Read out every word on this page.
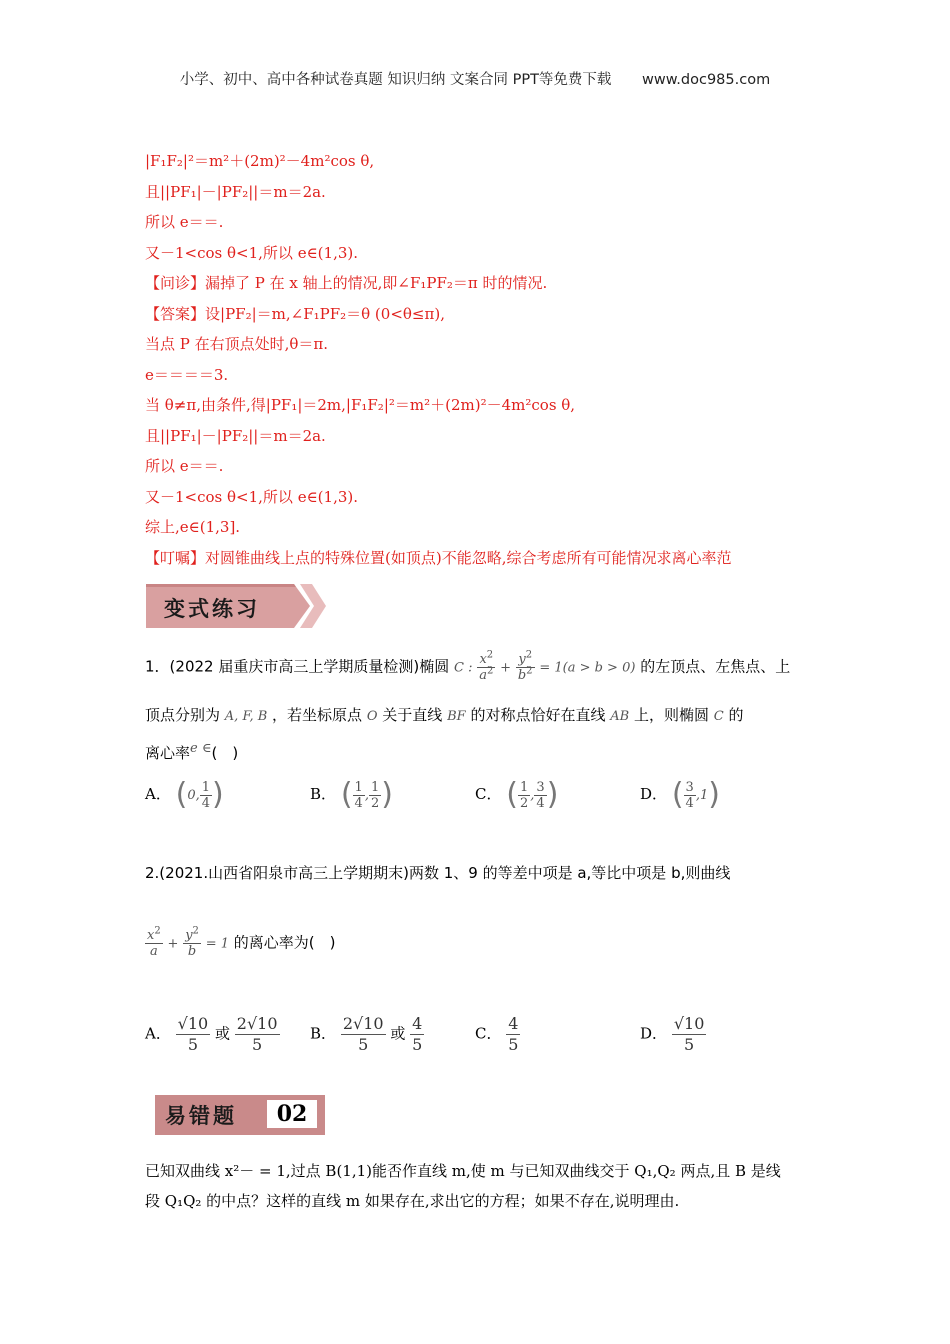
小学、初中、高中各种试卷真题 知识归纳 文案合同 PPT等免费下载 www.doc985.com
|F₁F₂|²＝m²＋(2m)²－4m²cos θ,
且||PF₁|－|PF₂||＝m＝2a.
所以 e＝＝.
又－1<cos θ<1,所以 e∈(1,3).
【问诊】漏掉了 P 在 x 轴上的情况,即∠F₁PF₂＝π 时的情况.
【答案】设|PF₂|＝m,∠F₁PF₂＝θ (0<θ≤π),
当点 P 在右顶点处时,θ＝π.
e＝＝＝＝3.
当 θ≠π,由条件,得|PF₁|＝2m,|F₁F₂|²＝m²＋(2m)²－4m²cos θ,
且||PF₁|－|PF₂||＝m＝2a.
所以 e＝＝.
又－1<cos θ<1,所以 e∈(1,3).
综上,e∈(1,3].
【叮嘱】对圆锥曲线上点的特殊位置(如顶点)不能忽略,综合考虑所有可能情况求离心率范
变式练习
1．(2022 届重庆市高三上学期质量检测)椭圆 C : $\frac{x^2}{a^2} + \frac{y^2}{b^2} = 1(a > b > 0)$ 的左顶点、左焦点、上
顶点分别为 A, F, B ，若坐标原点 O 关于直线 BF 的对称点恰好在直线 AB 上，则椭圆 C 的
离心率$^{e \in}$(　)
A． (0, $\frac{1}{4}$ )	B． ( $\frac{1}{4}$ , $\frac{1}{2}$ )	C． ( $\frac{1}{2}$ , $\frac{3}{4}$ )	D． ( $\frac{3}{4} ,1$)
2.(2021.山西省阳泉市高三上学期期末)两数 1、9 的等差中项是 a,等比中项是 b,则曲线
$\frac{x^2}{a} + \frac{y^2}{b} = 1$ 的离心率为(　)
A． $\frac{√10}{5}$ 或 $\frac{2√10}{5}$ B． $\frac{2√10}{5}$ 或 $\frac{4}{5}$	C． $\frac{4}{5}$	D． $\frac{√10}{5}$
易错题	02
已知双曲线 x²－ = 1,过点 B(1,1)能否作直线 m,使 m 与已知双曲线交于 Q₁,Q₂ 两点,且 B 是线
段 Q₁Q₂ 的中点？这样的直线 m 如果存在,求出它的方程；如果不存在,说明理由.
